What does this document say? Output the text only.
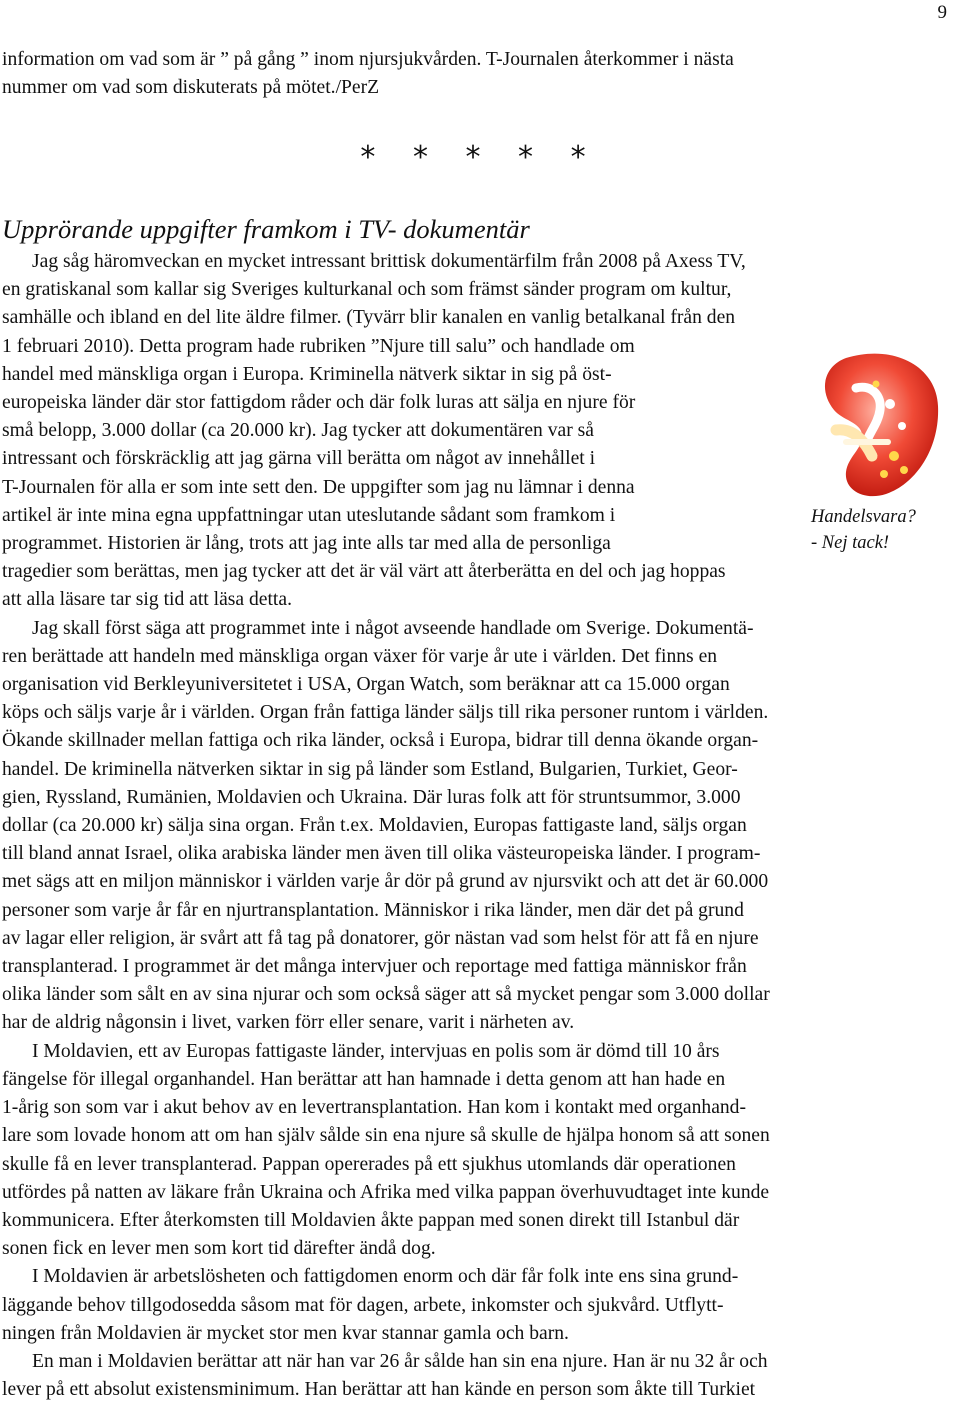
9
information om vad som är ” på gång ” inom njursjukvården. T-Journalen återkommer i nästa
nummer om vad som diskuterats på mötet./PerZ
* * * * *
Upprörande uppgifter framkom i TV- dokumentär
Jag såg häromveckan en mycket intressant brittisk dokumentärfilm från 2008 på Axess TV,
en gratiskanal som kallar sig Sveriges kulturkanal och som främst sänder program om kultur,
samhälle och ibland en del lite äldre filmer. (Tyvärr blir kanalen en vanlig betalkanal från den
1 februari 2010). Detta program hade rubriken ”Njure till salu” och handlade om
handel med mänskliga organ i Europa. Kriminella nätverk siktar in sig på öst-
europeiska länder där stor fattigdom råder och där folk luras att sälja en njure för
små belopp, 3.000 dollar (ca 20.000 kr). Jag tycker att dokumentären var så
intressant och förskräcklig att jag gärna vill berätta om något av innehållet i
T-Journalen för alla er som inte sett den. De uppgifter som jag nu lämnar i denna
artikel är inte mina egna uppfattningar utan uteslutande sådant som framkom i
programmet. Historien är lång, trots att jag inte alls tar med alla de personliga
tragedier som berättas, men jag tycker att det är väl värt att återberätta en del och jag hoppas
att alla läsare tar sig tid att läsa detta.
Jag skall först säga att programmet inte i något avseende handlade om Sverige. Dokumentä-
ren berättade att handeln med mänskliga organ växer för varje år ute i världen. Det finns en
organisation vid Berkleyuniversitetet i USA, Organ Watch, som beräknar att ca 15.000 organ
köps och säljs varje år i världen. Organ från fattiga länder säljs till rika personer runtom i världen.
Ökande skillnader mellan fattiga och rika länder, också i Europa, bidrar till denna ökande organ-
handel. De kriminella nätverken siktar in sig på länder som Estland, Bulgarien, Turkiet, Geor-
gien, Ryssland, Rumänien, Moldavien och Ukraina. Där luras folk att för struntsummor, 3.000
dollar (ca 20.000 kr) sälja sina organ. Från t.ex. Moldavien, Europas fattigaste land, säljs organ
till bland annat Israel, olika arabiska länder men även till olika västeuropeiska länder. I program-
met sägs att en miljon människor i världen varje år dör på grund av njursvikt och att det är 60.000
personer som varje år får en njurtransplantation. Människor i rika länder, men där det på grund
av lagar eller religion, är svårt att få tag på donatorer, gör nästan vad som helst för att få en njure
transplanterad. I programmet är det många intervjuer och reportage med fattiga människor från
olika länder som sålt en av sina njurar och som också säger att så mycket pengar som 3.000 dollar
har de aldrig någonsin i livet, varken förr eller senare, varit i närheten av.
I Moldavien, ett av Europas fattigaste länder, intervjuas en polis som är dömd till 10 års
fängelse för illegal organhandel. Han berättar att han hamnade i detta genom att han hade en
1-årig son som var i akut behov av en levertransplantation. Han kom i kontakt med organhand-
lare som lovade honom att om han själv sålde sin ena njure så skulle de hjälpa honom så att sonen
skulle få en lever transplanterad. Pappan opererades på ett sjukhus utomlands där operationen
utfördes på natten av läkare från Ukraina och Afrika med vilka pappan överhuvudtaget inte kunde
kommunicera. Efter återkomsten till Moldavien åkte pappan med sonen direkt till Istanbul där
sonen fick en lever men som kort tid därefter ändå dog.
I Moldavien är arbetslösheten och fattigdomen enorm och där får folk inte ens sina grund-
läggande behov tillgodosedda såsom mat för dagen, arbete, inkomster och sjukvård. Utflytt-
ningen från Moldavien är mycket stor men kvar stannar gamla och barn.
En man i Moldavien berättar att när han var 26 år sålde han sin ena njure. Han är nu 32 år och
lever på ett absolut existensminimum. Han berättar att han kände en person som åkte till Turkiet
Handelsvara?
- Nej tack!
